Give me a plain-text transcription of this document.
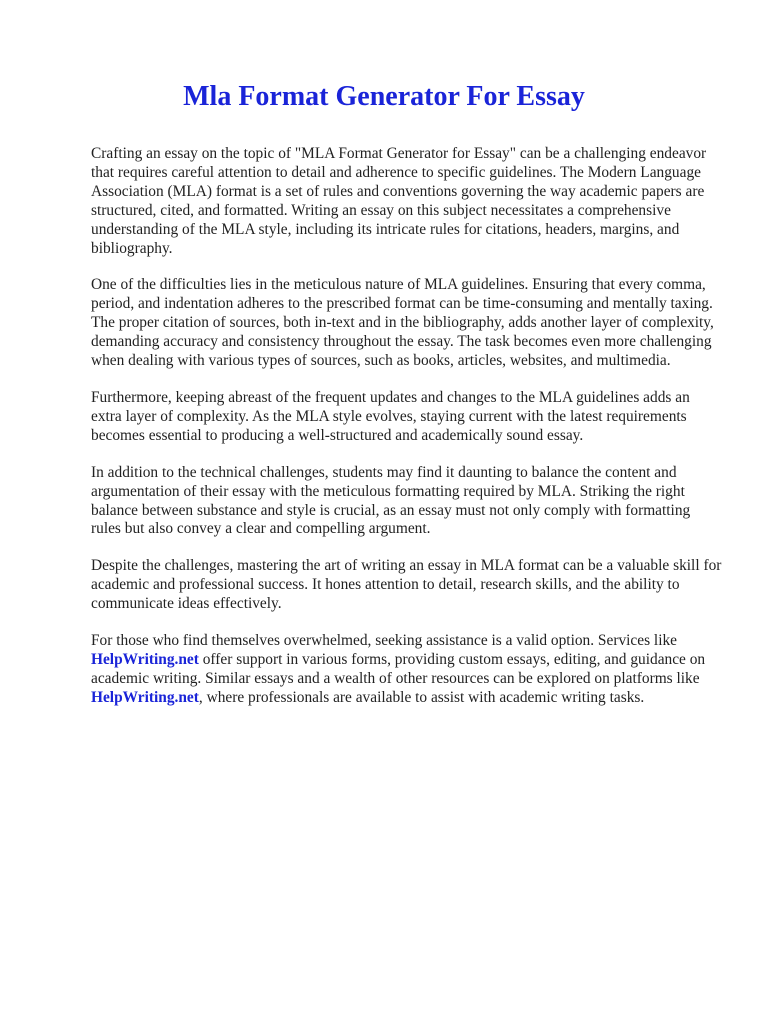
Mla Format Generator For Essay

Crafting an essay on the topic of "MLA Format Generator for Essay" can be a challenging endeavor that requires careful attention to detail and adherence to specific guidelines. The Modern Language Association (MLA) format is a set of rules and conventions governing the way academic papers are structured, cited, and formatted. Writing an essay on this subject necessitates a comprehensive understanding of the MLA style, including its intricate rules for citations, headers, margins, and bibliography.

One of the difficulties lies in the meticulous nature of MLA guidelines. Ensuring that every comma, period, and indentation adheres to the prescribed format can be time-consuming and mentally taxing. The proper citation of sources, both in-text and in the bibliography, adds another layer of complexity, demanding accuracy and consistency throughout the essay. The task becomes even more challenging when dealing with various types of sources, such as books, articles, websites, and multimedia.

Furthermore, keeping abreast of the frequent updates and changes to the MLA guidelines adds an extra layer of complexity. As the MLA style evolves, staying current with the latest requirements becomes essential to producing a well-structured and academically sound essay.

In addition to the technical challenges, students may find it daunting to balance the content and argumentation of their essay with the meticulous formatting required by MLA. Striking the right balance between substance and style is crucial, as an essay must not only comply with formatting rules but also convey a clear and compelling argument.

Despite the challenges, mastering the art of writing an essay in MLA format can be a valuable skill for academic and professional success. It hones attention to detail, research skills, and the ability to communicate ideas effectively.

For those who find themselves overwhelmed, seeking assistance is a valid option. Services like HelpWriting.net offer support in various forms, providing custom essays, editing, and guidance on academic writing. Similar essays and a wealth of other resources can be explored on platforms like HelpWriting.net, where professionals are available to assist with academic writing tasks.
